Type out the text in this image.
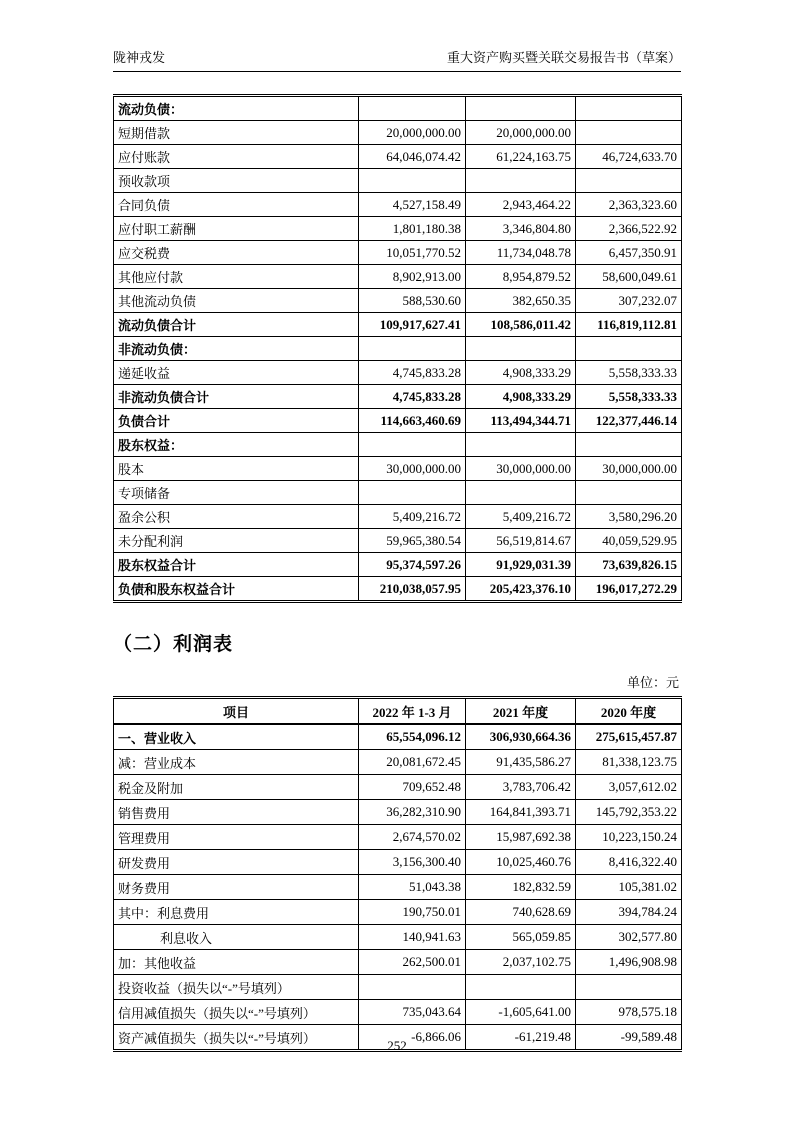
陇神戎发	重大资产购买暨关联交易报告书（草案）
流动负债：			
短期借款	20,000,000.00	20,000,000.00	
应付账款	64,046,074.42	61,224,163.75	46,724,633.70
预收款项			
合同负债	4,527,158.49	2,943,464.22	2,363,323.60
应付职工薪酬	1,801,180.38	3,346,804.80	2,366,522.92
应交税费	10,051,770.52	11,734,048.78	6,457,350.91
其他应付款	8,902,913.00	8,954,879.52	58,600,049.61
其他流动负债	588,530.60	382,650.35	307,232.07
流动负债合计	109,917,627.41	108,586,011.42	116,819,112.81
非流动负债：			
递延收益	4,745,833.28	4,908,333.29	5,558,333.33
非流动负债合计	4,745,833.28	4,908,333.29	5,558,333.33
负债合计	114,663,460.69	113,494,344.71	122,377,446.14
股东权益：			
股本	30,000,000.00	30,000,000.00	30,000,000.00
专项储备			
盈余公积	5,409,216.72	5,409,216.72	3,580,296.20
未分配利润	59,965,380.54	56,519,814.67	40,059,529.95
股东权益合计	95,374,597.26	91,929,031.39	73,639,826.15
负债和股东权益合计	210,038,057.95	205,423,376.10	196,017,272.29
（二）利润表
单位：元
项目	2022 年 1-3 月	2021 年度	2020 年度
一、营业收入	65,554,096.12	306,930,664.36	275,615,457.87
减：营业成本	20,081,672.45	91,435,586.27	81,338,123.75
税金及附加	709,652.48	3,783,706.42	3,057,612.02
销售费用	36,282,310.90	164,841,393.71	145,792,353.22
管理费用	2,674,570.02	15,987,692.38	10,223,150.24
研发费用	3,156,300.40	10,025,460.76	8,416,322.40
财务费用	51,043.38	182,832.59	105,381.02
其中：利息费用	190,750.01	740,628.69	394,784.24
利息收入	140,941.63	565,059.85	302,577.80
加：其他收益	262,500.01	2,037,102.75	1,496,908.98
投资收益（损失以“-”号填列）			
信用减值损失（损失以“-”号填列）	735,043.64	-1,605,641.00	978,575.18
资产减值损失（损失以“-”号填列）	-6,866.06	-61,219.48	-99,589.48
252
